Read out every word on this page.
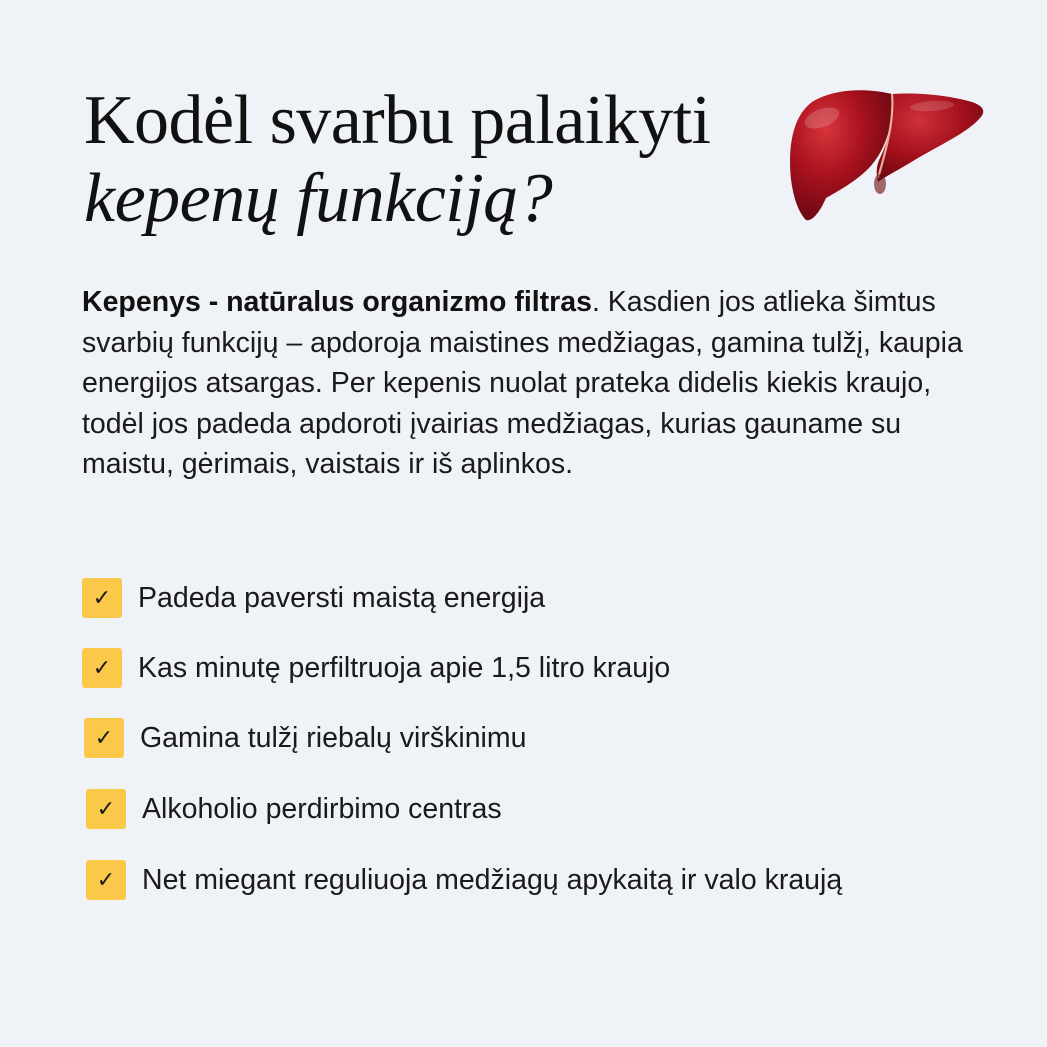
Kodėl svarbu palaikyti
kepenų funkciją?

Kepenys - natūralus organizmo filtras. Kasdien jos atlieka šimtus svarbių funkcijų – apdoroja maistines medžiagas, gamina tulžį, kaupia energijos atsargas. Per kepenis nuolat prateka didelis kiekis kraujo, todėl jos padeda apdoroti įvairias medžiagas, kurias gauname su maistu, gėrimais, vaistais ir iš aplinkos.

✓ Padeda paversti maistą energija
✓ Kas minutę perfiltruoja apie 1,5 litro kraujo
✓ Gamina tulžį riebalų virškinimu
✓ Alkoholio perdirbimo centras
✓ Net miegant reguliuoja medžiagų apykaitą ir valo kraują
